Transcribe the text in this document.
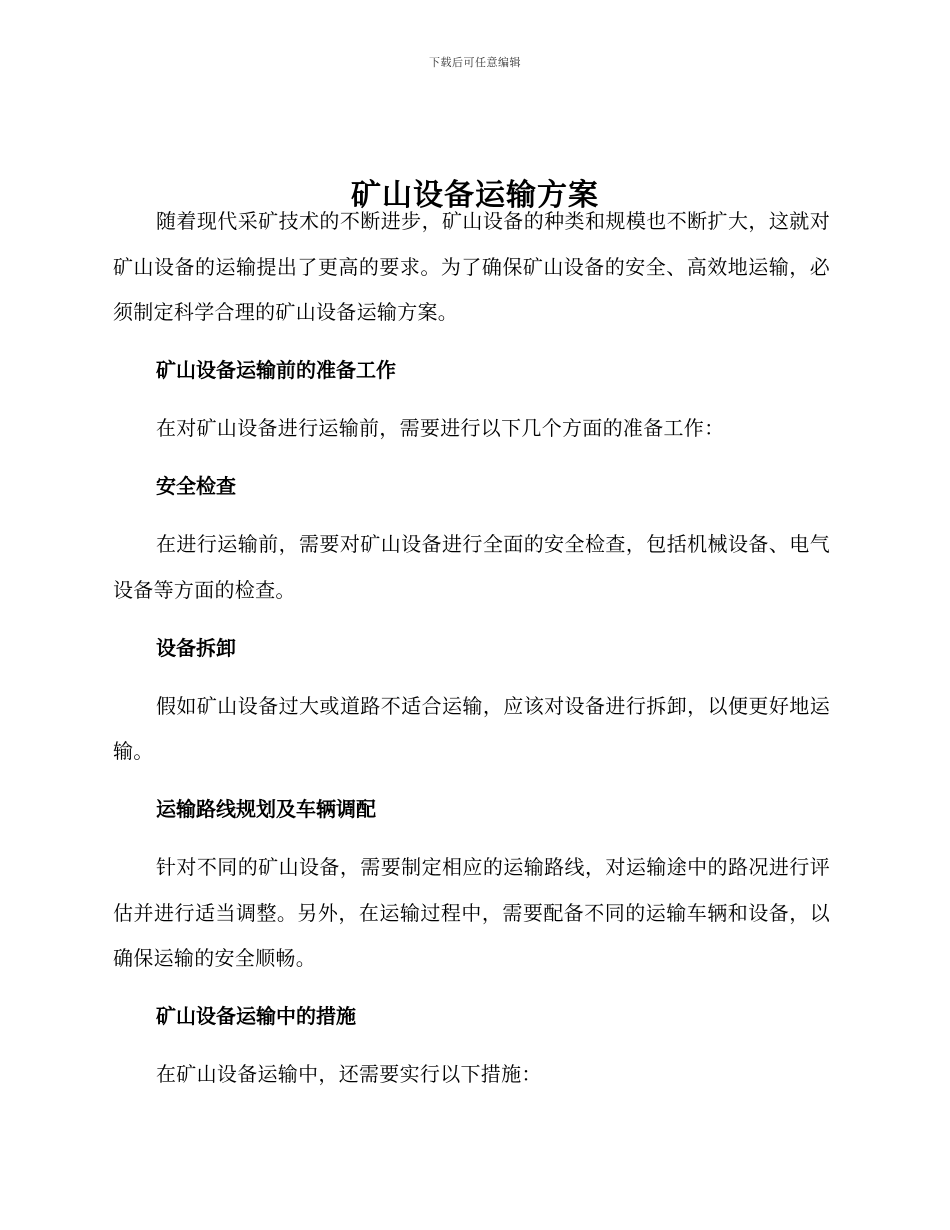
下载后可任意编辑
矿山设备运输方案

随着现代采矿技术的不断进步，矿山设备的种类和规模也不断扩大，这就对矿山设备的运输提出了更高的要求。为了确保矿山设备的安全、高效地运输，必须制定科学合理的矿山设备运输方案。

矿山设备运输前的准备工作

在对矿山设备进行运输前，需要进行以下几个方面的准备工作：

安全检查

在进行运输前，需要对矿山设备进行全面的安全检查，包括机械设备、电气设备等方面的检查。

设备拆卸

假如矿山设备过大或道路不适合运输，应该对设备进行拆卸，以便更好地运输。

运输路线规划及车辆调配

针对不同的矿山设备，需要制定相应的运输路线，对运输途中的路况进行评估并进行适当调整。另外，在运输过程中，需要配备不同的运输车辆和设备，以确保运输的安全顺畅。

矿山设备运输中的措施

在矿山设备运输中，还需要实行以下措施：
